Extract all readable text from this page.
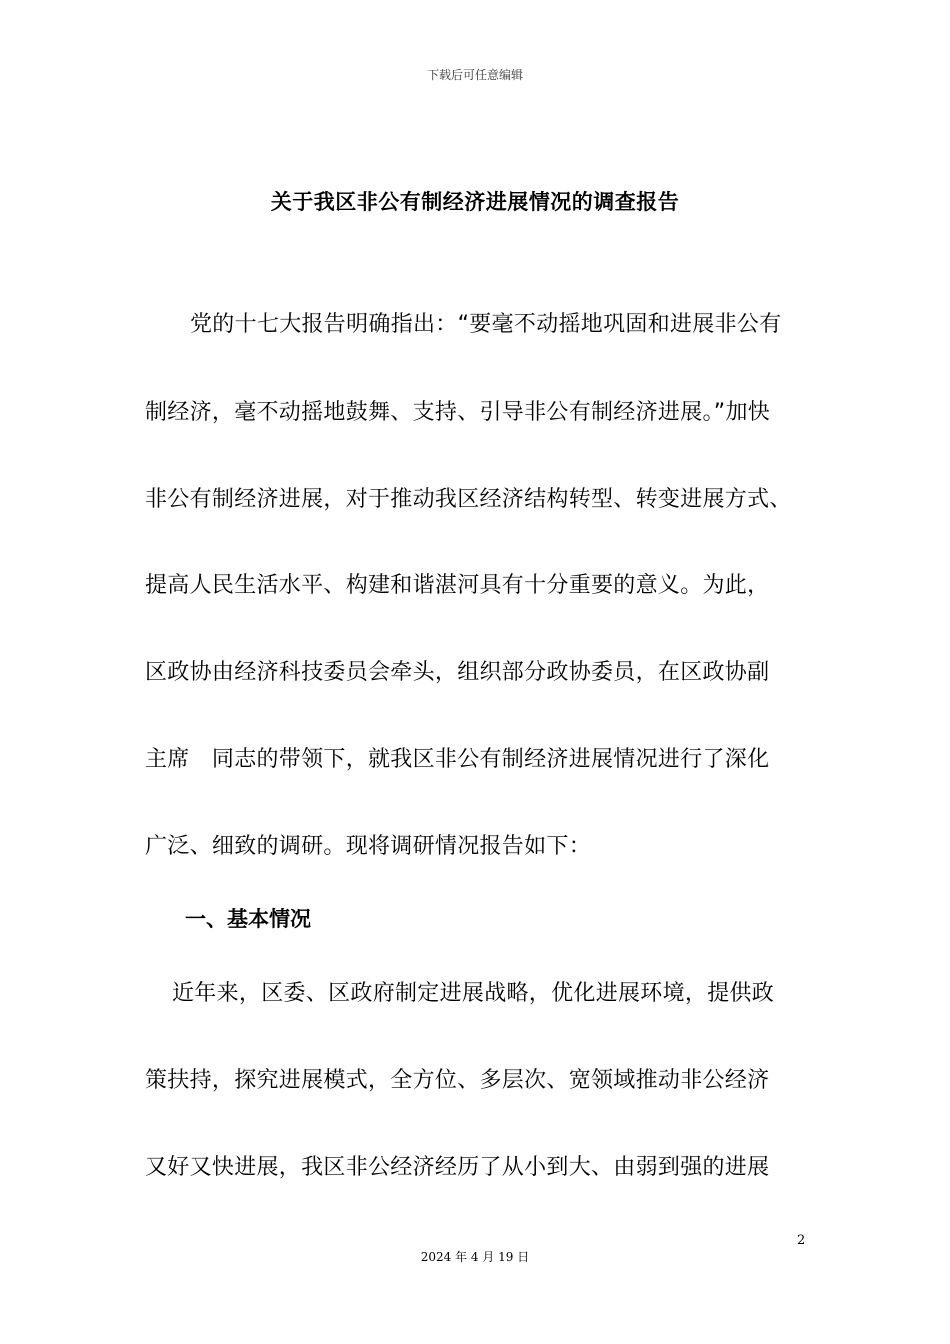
下载后可任意编辑
关于我区非公有制经济进展情况的调查报告
党的十七大报告明确指出：“要毫不动摇地巩固和进展非公有
制经济，毫不动摇地鼓舞、支持、引导非公有制经济进展。”加快
非公有制经济进展，对于推动我区经济结构转型、转变进展方式、
提高人民生活水平、构建和谐湛河具有十分重要的意义。为此，
区政协由经济科技委员会牵头，组织部分政协委员，在区政协副
主席　同志的带领下，就我区非公有制经济进展情况进行了深化
广泛、细致的调研。现将调研情况报告如下：
一、基本情况
近年来，区委、区政府制定进展战略，优化进展环境，提供政
策扶持，探究进展模式，全方位、多层次、宽领域推动非公经济
又好又快进展，我区非公经济经历了从小到大、由弱到强的进展
2
2024 年 4 月 19 日
